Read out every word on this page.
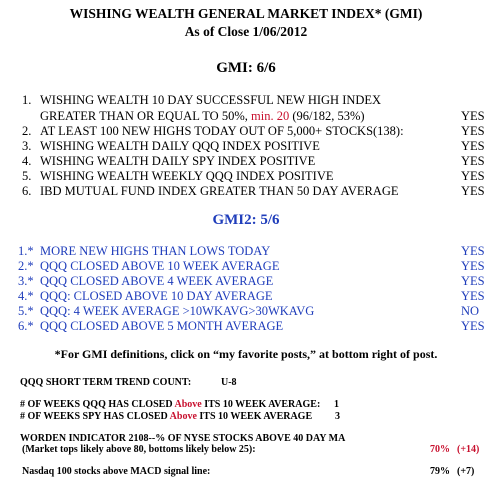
WISHING WEALTH GENERAL MARKET INDEX* (GMI)
As of Close 1/06/2012
GMI: 6/6
1. WISHING WEALTH 10 DAY SUCCESSFUL NEW HIGH INDEX
GREATER THAN OR EQUAL TO 50%, min. 20 (96/182, 53%)	YES
2. AT LEAST 100 NEW HIGHS TODAY OUT OF 5,000+ STOCKS(138):	YES
3. WISHING WEALTH DAILY QQQ INDEX POSITIVE	YES
4. WISHING WEALTH DAILY SPY INDEX POSITIVE	YES
5. WISHING WEALTH WEEKLY QQQ INDEX POSITIVE	YES
6. IBD MUTUAL FUND INDEX GREATER THAN 50 DAY AVERAGE	YES
GMI2: 5/6
1.* MORE NEW HIGHS THAN LOWS TODAY	YES
2.* QQQ CLOSED ABOVE 10 WEEK AVERAGE	YES
3.* QQQ CLOSED ABOVE 4 WEEK AVERAGE	YES
4.* QQQ: CLOSED ABOVE 10 DAY AVERAGE	YES
5.* QQQ: 4 WEEK AVERAGE >10WKAVG>30WKAVG	NO
6.* QQQ CLOSED ABOVE 5 MONTH AVERAGE	YES
*For GMI definitions, click on “my favorite posts,” at bottom right of post.
QQQ SHORT TERM TREND COUNT:	U-8
# OF WEEKS QQQ HAS CLOSED Above ITS 10 WEEK AVERAGE: 1
# OF WEEKS SPY HAS CLOSED Above ITS 10 WEEK AVERAGE 3
WORDEN INDICATOR 2108--% OF NYSE STOCKS ABOVE 40 DAY MA
(Market tops likely above 80, bottoms likely below 25):	70% (+14)
Nasdaq 100 stocks above MACD signal line:	79% (+7)
